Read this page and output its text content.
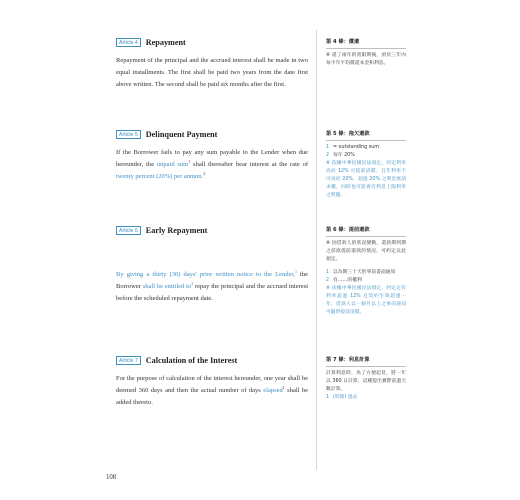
Article 4 Repayment
Repayment of the principal and the accrued interest shall be made in two equal installments. The first shall be paid two years from the date first above written. The second shall be paid six months after the first.
Article 5 Delinquent Payment
If the Borrower fails to pay any sum payable to the Lender when due hereunder, the unpaid sum$^1$ shall thereafter bear interest at the rate of twenty percent (20%) per annum.$^2$
Article 6 Early Repayment
By giving a thirty (30) days' prior written notice to the Lender,$^1$ the Borrower shall be entitled $to^2$ repay the principal and the accrued interest before the scheduled repayment date.
Article 7 Calculation of the Interest
For the purpose of calculation of the interest hereunder, one year shall be deemed 360 days and then the actual number of days elapsed$^1$ shall be added thereto.
第 4 條：償還
※ 還了兩年的寬限期後，須於三年內每半年平均償還本金和利息。
第 5 條：拖欠還款
1 = outstanding sum
2 每年 20%
※ 依據中華民國民法規定，約定利率高於 12% 可提前清償，且年利率不可高於 20%，超過 20% 之利息無請求權，同時也可能會有利息上限利率之問題。
第 6 條：提前還款
※ 因借款人的狀況變動，還款期到期之前欲提前還款的情況，可約定以此規定。
1 以為期三十天的事前書面通知
2 有……的權利
※ 依據中華民國民法規定，約定定有利率超過 12% 且契約生效超過一年，借款人以一個月以上之事前通知可隨時提前清償。
第 7 條：利息計算
計算利息時，為了方便起見，將一年以 360 日計算，這種提出實際前過天數計算。
1 (時間) 過去
108
